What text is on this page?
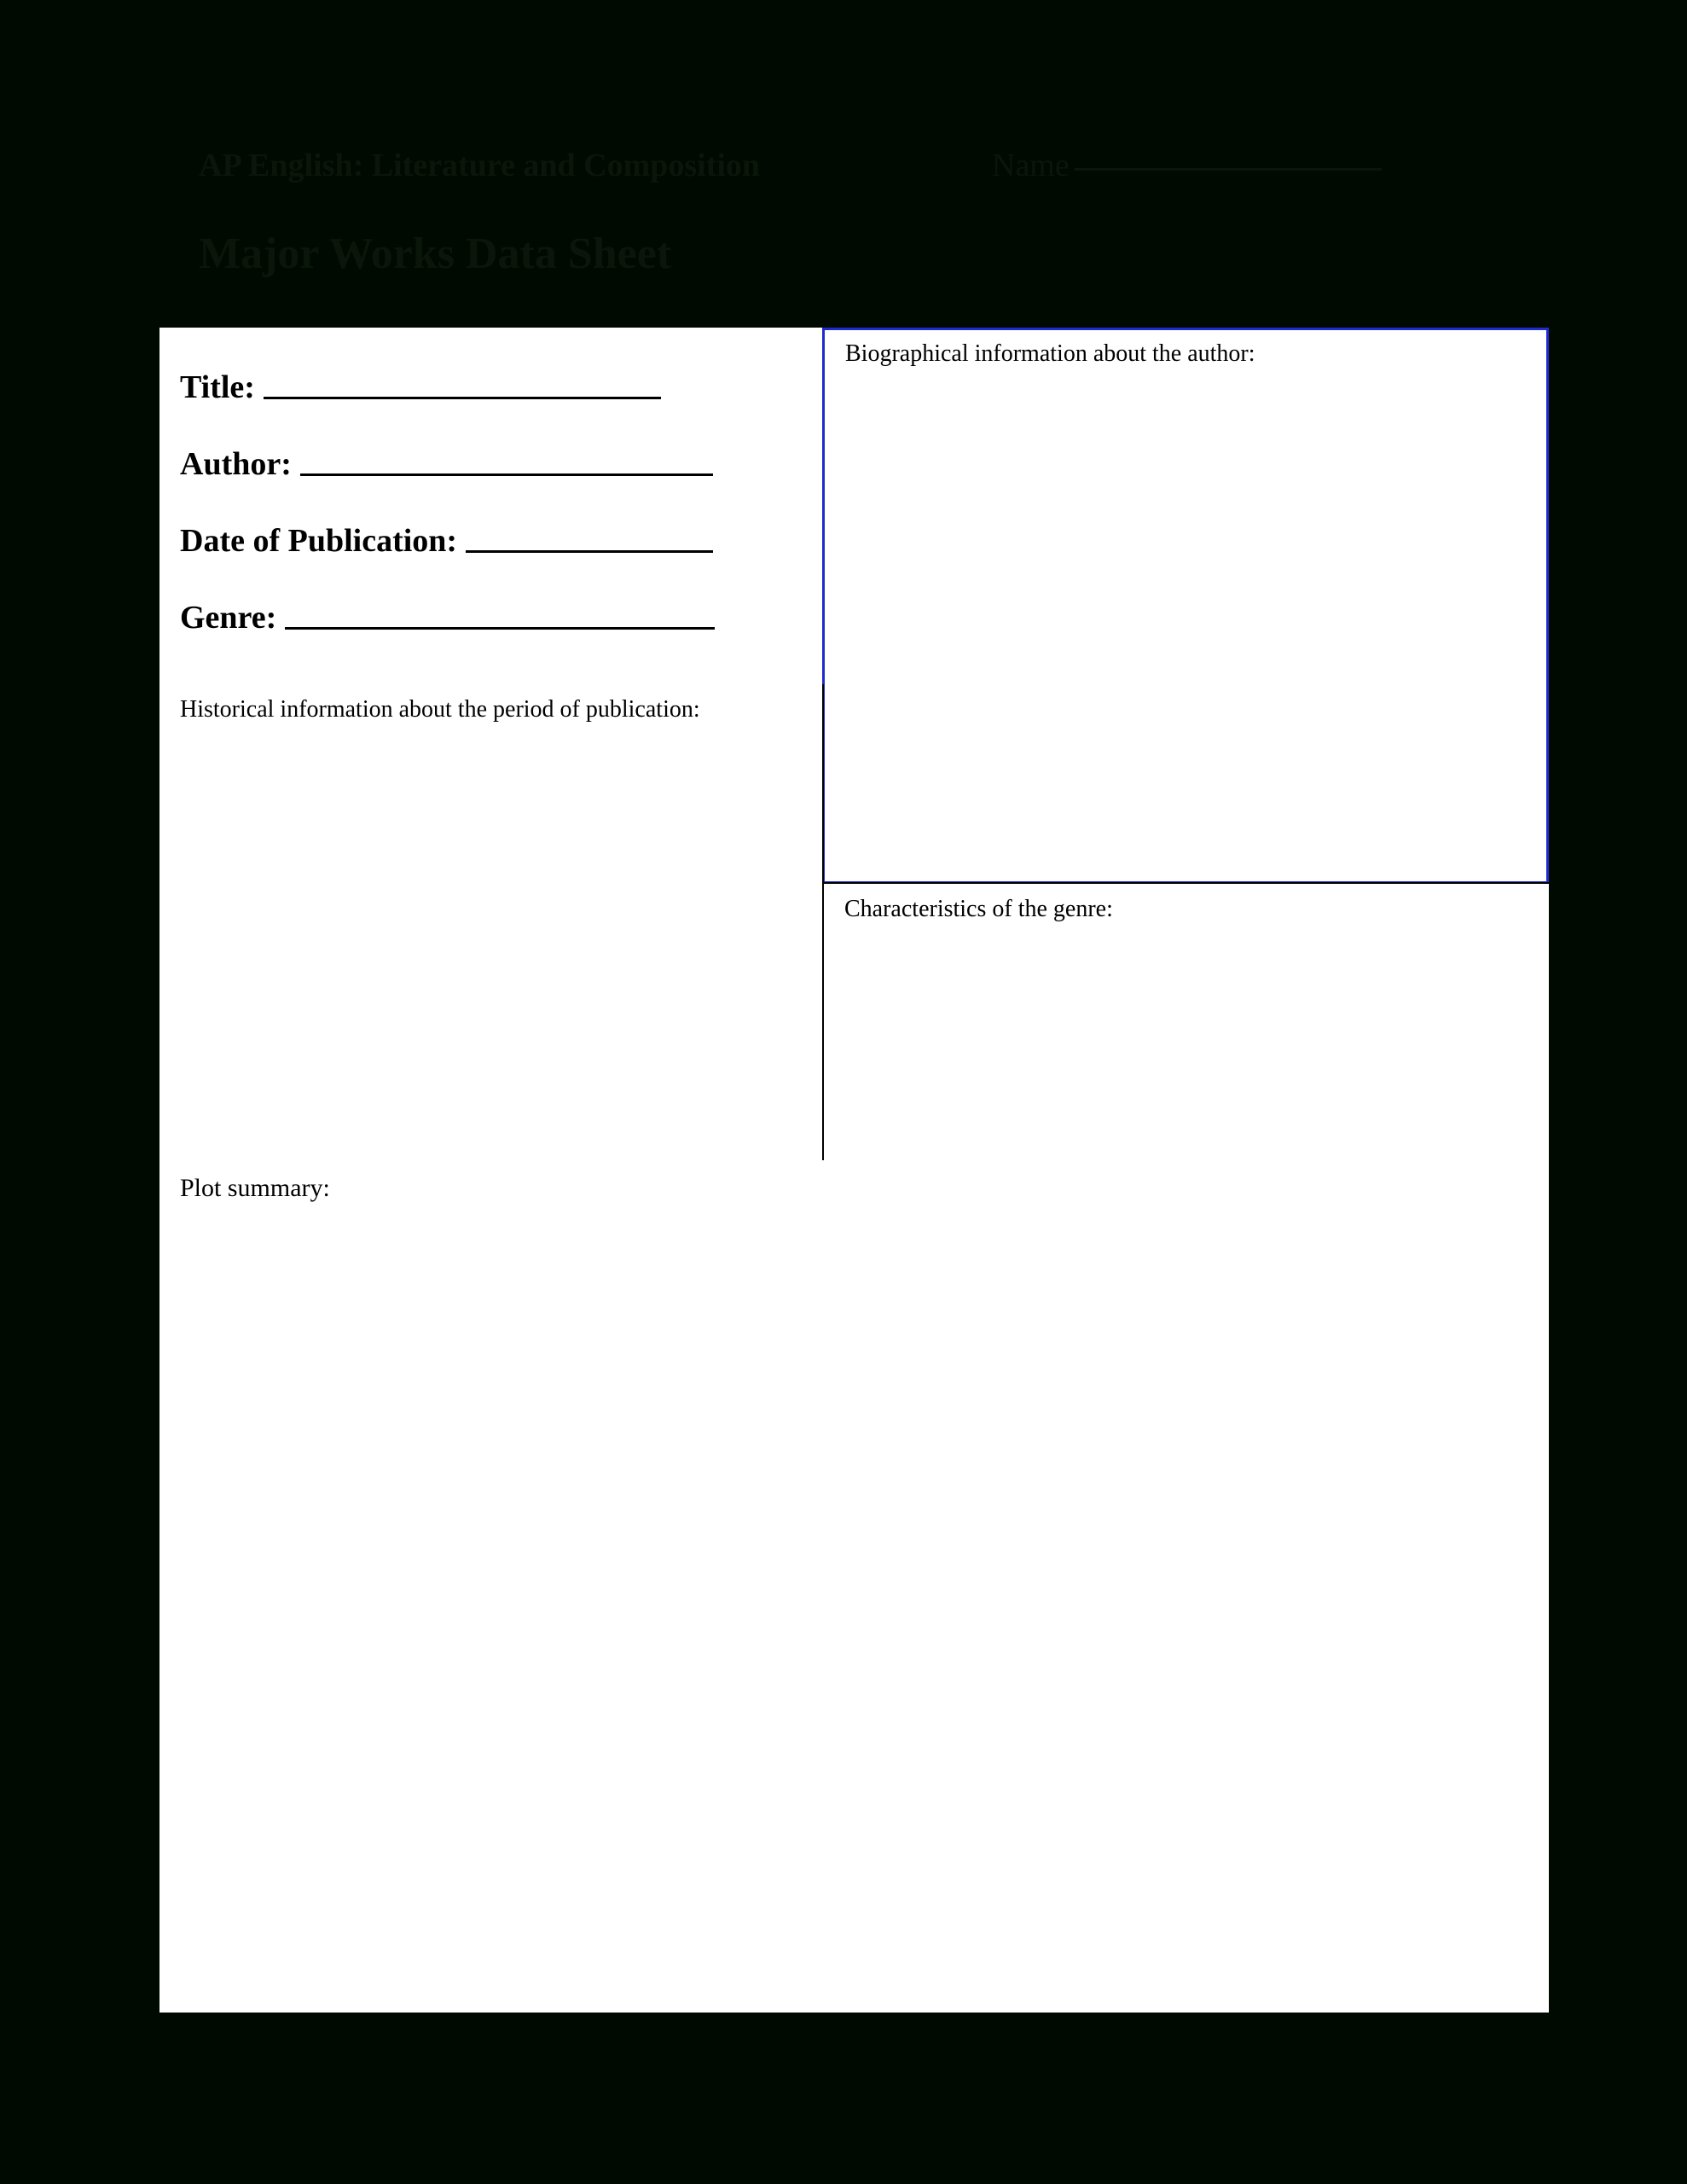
AP English: Literature and Composition	Name
Major Works Data Sheet
Title:
Author:
Date of Publication:
Genre:
Biographical information about the author:
Historical information about the period of publication:
Characteristics of the genre:
Plot summary:
